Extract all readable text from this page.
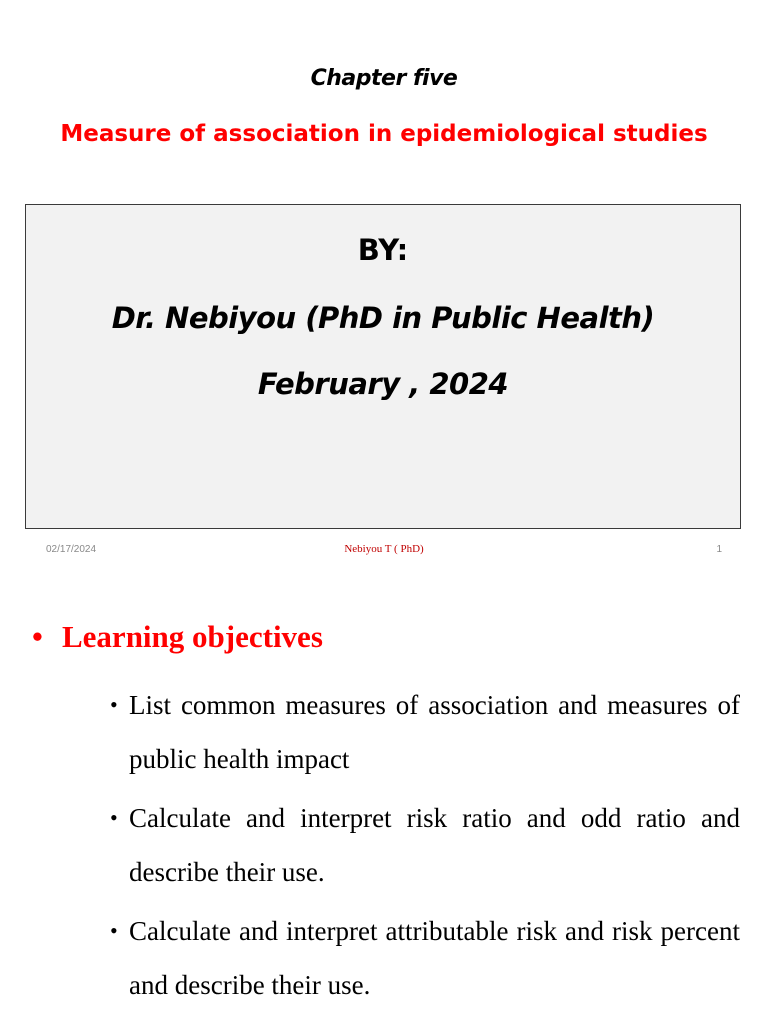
Chapter five
Measure of association in epidemiological studies
BY:
Dr. Nebiyou (PhD in Public Health)
February , 2024
02/17/2024	Nebiyou T ( PhD)	1
• Learning objectives
• List common measures of association and measures of public health impact
• Calculate and interpret risk ratio and odd ratio and describe their use.
• Calculate and interpret attributable risk and risk percent and describe their use.
